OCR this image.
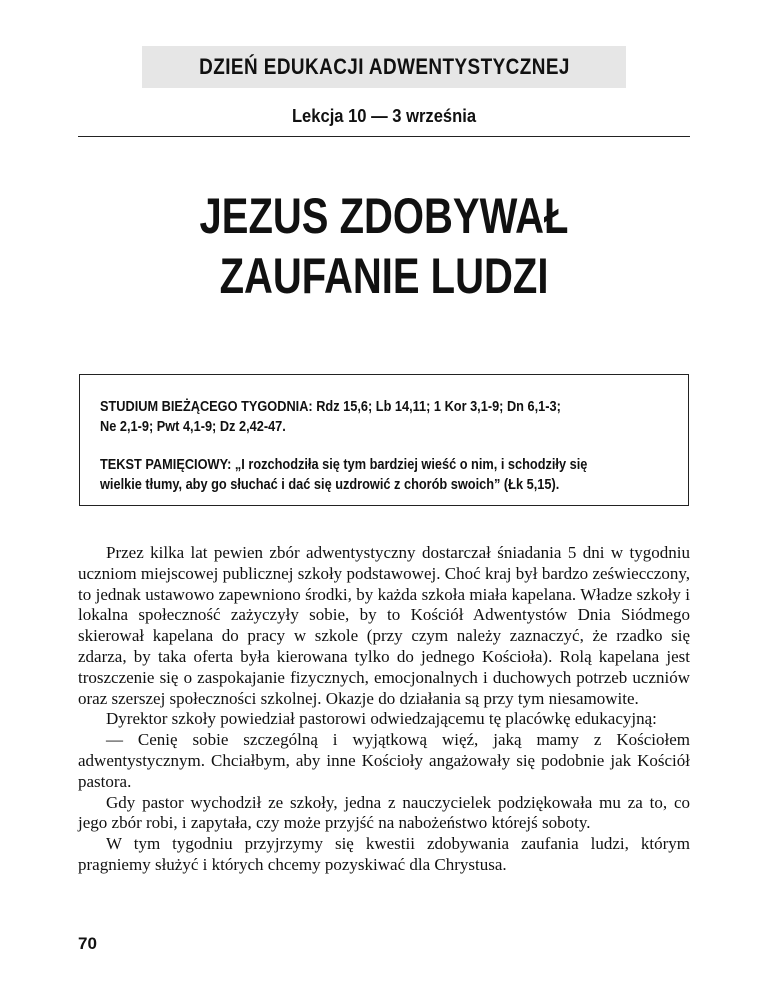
DZIEŃ EDUKACJI ADWENTYSTYCZNEJ
Lekcja 10 — 3 września
JEZUS ZDOBYWAŁ
ZAUFANIE LUDZI
STUDIUM BIEŻĄCEGO TYGODNIA: Rdz 15,6; Lb 14,11; 1 Kor 3,1-9; Dn 6,1-3;
Ne 2,1-9; Pwt 4,1-9; Dz 2,42-47.
TEKST PAMIĘCIOWY: „I rozchodziła się tym bardziej wieść o nim, i schodziły się
wielkie tłumy, aby go słuchać i dać się uzdrowić z chorób swoich” (Łk 5,15).

Przez kilka lat pewien zbór adwentystyczny dostarczał śniadania 5 dni w tygodniu uczniom miejscowej publicznej szkoły podstawowej. Choć kraj był bardzo zeświecczony, to jednak ustawowo zapewniono środki, by każda szkoła miała kapelana. Władze szkoły i lokalna społeczność zażyczyły sobie, by to Kościół Adwentystów Dnia Siódmego skierował kapelana do pracy w szkole (przy czym należy zaznaczyć, że rzadko się zdarza, by taka oferta była kierowana tylko do jednego Kościoła). Rolą kapelana jest troszczenie się o zaspokajanie fizycznych, emocjonalnych i duchowych potrzeb uczniów oraz szerszej społeczności szkolnej. Okazje do działania są przy tym niesamowite.

Dyrektor szkoły powiedział pastorowi odwiedzającemu tę placówkę edukacyjną:

— Cenię sobie szczególną i wyjątkową więź, jaką mamy z Kościołem adwentystycznym. Chciałbym, aby inne Kościoły angażowały się podobnie jak Kościół pastora.

Gdy pastor wychodził ze szkoły, jedna z nauczycielek podziękowała mu za to, co jego zbór robi, i zapytała, czy może przyjść na nabożeństwo którejś soboty.

W tym tygodniu przyjrzymy się kwestii zdobywania zaufania ludzi, którym pragniemy służyć i których chcemy pozyskiwać dla Chrystusa.

70
